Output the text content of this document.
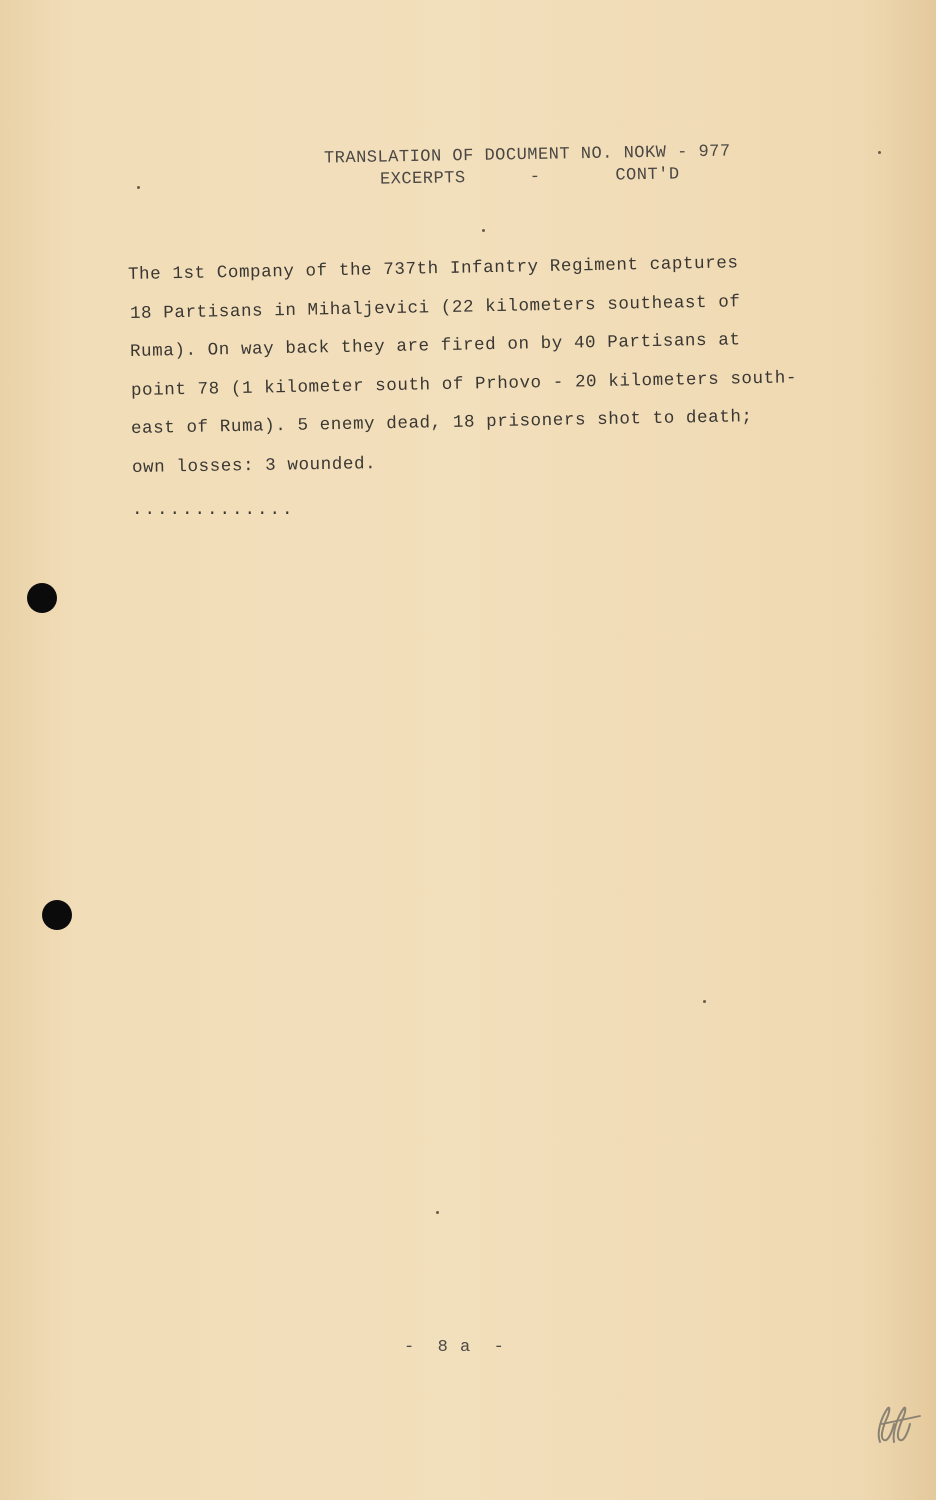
TRANSLATION OF DOCUMENT NO. NOKW - 977
EXCERPTS      -       CONT'D
The 1st Company of the 737th Infantry Regiment captures
18 Partisans in Mihaljevici (22 kilometers southeast of
Ruma). On way back they are fired on by 40 Partisans at
point 78 (1 kilometer south of Prhovo - 20 kilometers south-
east of Ruma). 5 enemy dead, 18 prisoners shot to death;
own losses: 3 wounded.
.............
-  8 a  -
